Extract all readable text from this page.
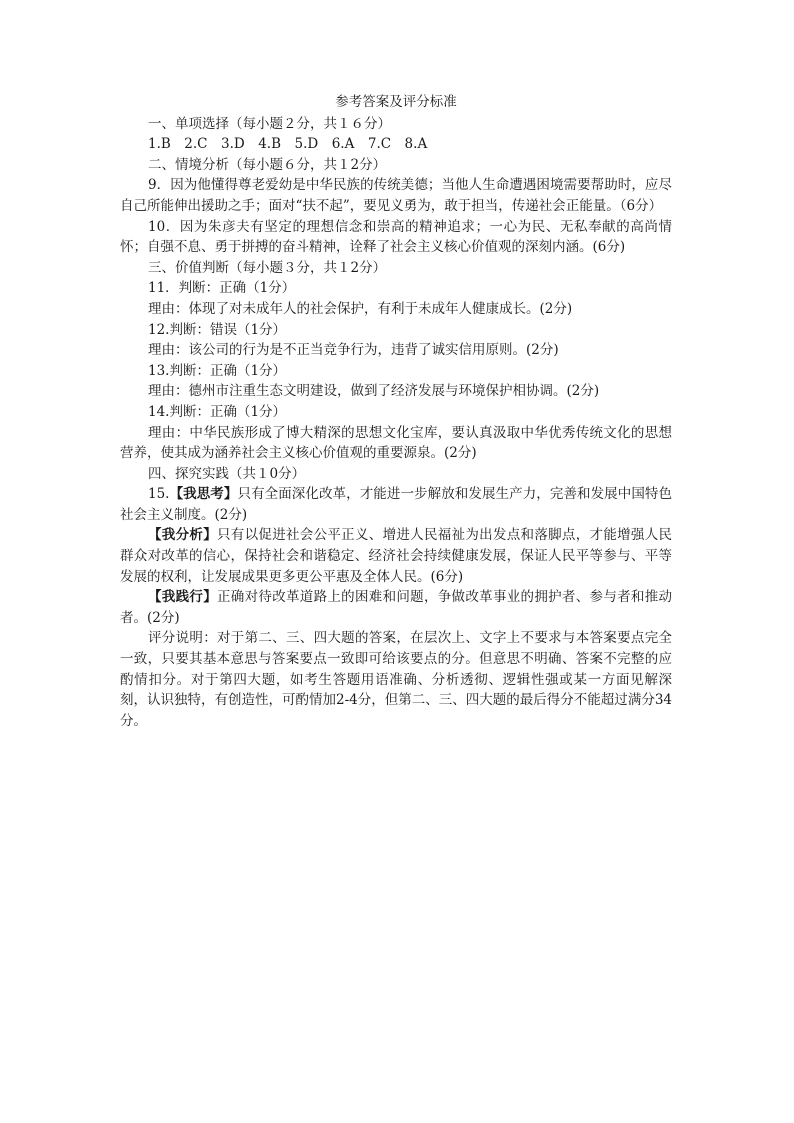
参考答案及评分标准

一、单项选择（每小题２分，共１６分）

1.B　2.C　3.D　4.B　5.D　6.A　7.C　8.A

二、情境分析（每小题６分，共１2分）

9．因为他懂得尊老爱幼是中华民族的传统美德；当他人生命遭遇困境需要帮助时，应尽自己所能伸出援助之手；面对“扶不起”，要见义勇为，敢于担当，传递社会正能量。（6分）

10．因为朱彦夫有坚定的理想信念和崇高的精神追求；一心为民、无私奉献的高尚情怀；自强不息、勇于拼搏的奋斗精神，诠释了社会主义核心价值观的深刻内涵。(6分)

三、价值判断（每小题３分，共１2分）

11．判断：正确（1分）

理由：体现了对未成年人的社会保护，有利于未成年人健康成长。(2分)

12.判断：错误（1分）

理由：该公司的行为是不正当竞争行为，违背了诚实信用原则。(2分)

13.判断：正确（1分）

理由：德州市注重生态文明建设，做到了经济发展与环境保护相协调。(2分)

14.判断：正确（1分）

理由：中华民族形成了博大精深的思想文化宝库，要认真汲取中华优秀传统文化的思想营养，使其成为涵养社会主义核心价值观的重要源泉。(2分)

四、探究实践（共１0分）

15.【我思考】只有全面深化改革，才能进一步解放和发展生产力，完善和发展中国特色社会主义制度。(2分)

【我分析】只有以促进社会公平正义、增进人民福祉为出发点和落脚点，才能增强人民群众对改革的信心，保持社会和谐稳定、经济社会持续健康发展，保证人民平等参与、平等发展的权利，让发展成果更多更公平惠及全体人民。(6分)

【我践行】正确对待改革道路上的困难和问题，争做改革事业的拥护者、参与者和推动者。(2分)

评分说明：对于第二、三、四大题的答案，在层次上、文字上不要求与本答案要点完全一致，只要其基本意思与答案要点一致即可给该要点的分。但意思不明确、答案不完整的应酌情扣分。对于第四大题，如考生答题用语准确、分析透彻、逻辑性强或某一方面见解深刻，认识独特，有创造性，可酌情加2-4分，但第二、三、四大题的最后得分不能超过满分34分。
